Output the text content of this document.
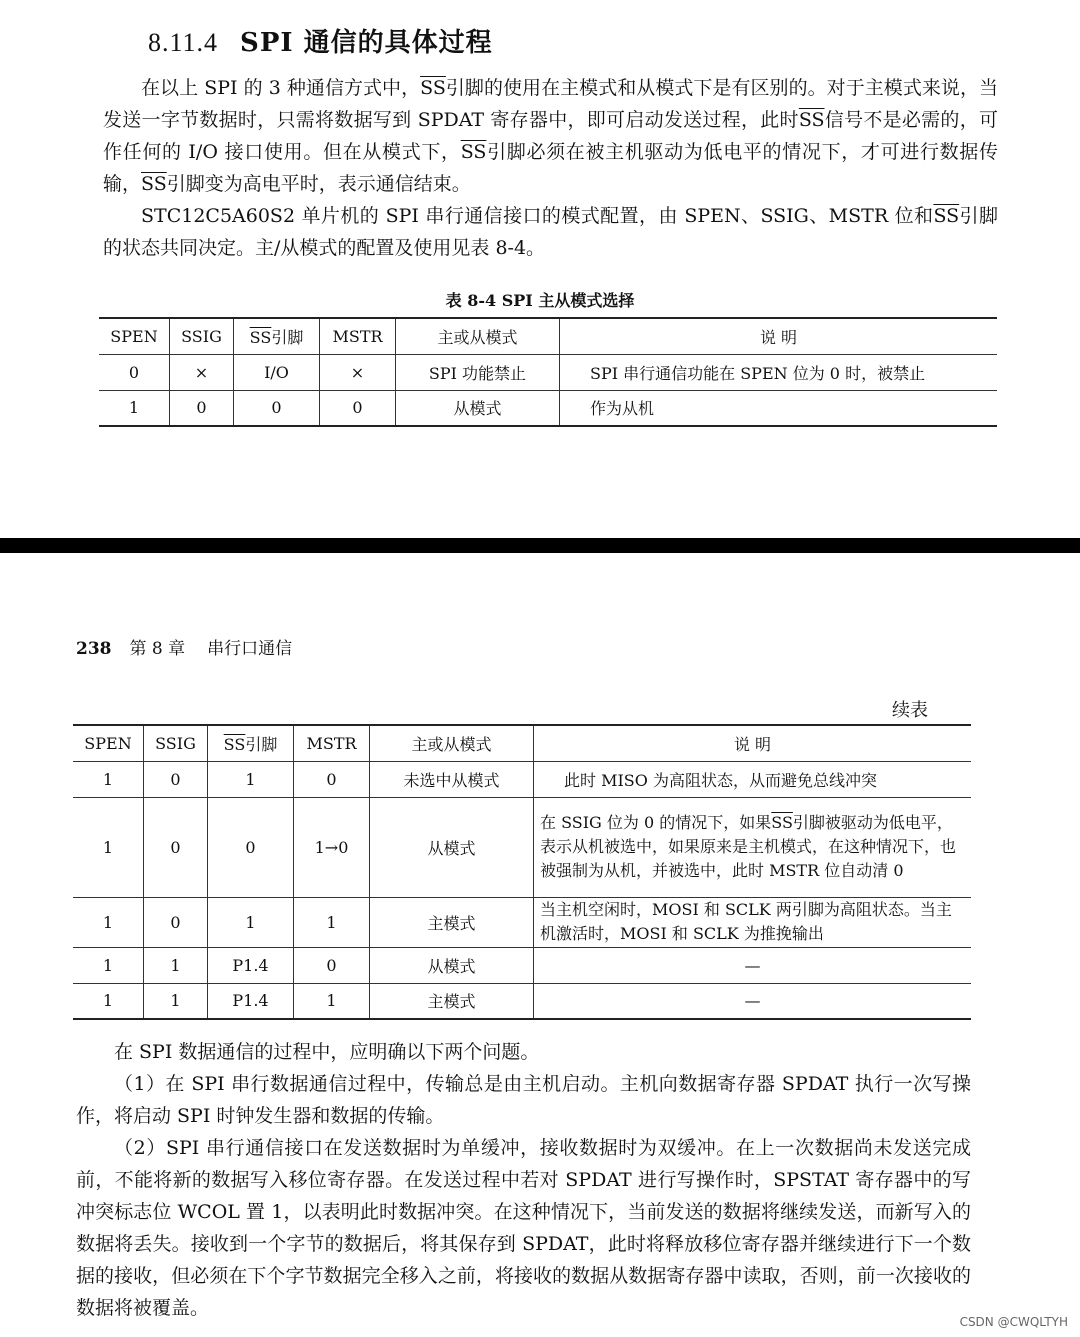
8.11.4 SPI 通信的具体过程
在以上 SPI 的 3 种通信方式中，$\overline{SS}$引脚的使用在主模式和从模式下是有区别的。对于主模式来说，当发送一字节数据时，只需将数据写到 SPDAT 寄存器中，即可启动发送过程，此时$\overline{SS}$信号不是必需的，可作任何的 I/O 接口使用。但在从模式下，$\overline{SS}$引脚必须在被主机驱动为低电平的情况下，才可进行数据传输，$\overline{SS}$引脚变为高电平时，表示通信结束。
STC12C5A60S2 单片机的 SPI 串行通信接口的模式配置，由 SPEN、SSIG、MSTR 位和$\overline{SS}$引脚的状态共同决定。主/从模式的配置及使用见表 8-4。
表 8-4 SPI 主从模式选择
SPEN	SSIG	$\overline{SS}$引脚	MSTR	主或从模式	说 明
0	×	I/O	×	SPI 功能禁止	SPI 串行通信功能在 SPEN 位为 0 时，被禁止
1	0	0	0	从模式	作为从机
238 第 8 章 串行口通信
续表
SPEN	SSIG	$\overline{SS}$引脚	MSTR	主或从模式	说 明
1	0	1	0	未选中从模式	此时 MISO 为高阻状态，从而避免总线冲突
1	0	0	1→0	从模式	在 SSIG 位为 0 的情况下，如果$\overline{SS}$引脚被驱动为低电平，表示从机被选中，如果原来是主机模式，在这种情况下，也被强制为从机，并被选中，此时 MSTR 位自动清 0
1	0	1	1	主模式	当主机空闲时，MOSI 和 SCLK 两引脚为高阻状态。当主机激活时，MOSI 和 SCLK 为推挽输出
1	1	P1.4	0	从模式	—
1	1	P1.4	1	主模式	—
在 SPI 数据通信的过程中，应明确以下两个问题。
（1）在 SPI 串行数据通信过程中，传输总是由主机启动。主机向数据寄存器 SPDAT 执行一次写操作，将启动 SPI 时钟发生器和数据的传输。
（2）SPI 串行通信接口在发送数据时为单缓冲，接收数据时为双缓冲。在上一次数据尚未发送完成前，不能将新的数据写入移位寄存器。在发送过程中若对 SPDAT 进行写操作时，SPSTAT 寄存器中的写冲突标志位 WCOL 置 1，以表明此时数据冲突。在这种情况下，当前发送的数据将继续发送，而新写入的数据将丢失。接收到一个字节的数据后，将其保存到 SPDAT，此时将释放移位寄存器并继续进行下一个数据的接收，但必须在下个字节数据完全移入之前，将接收的数据从数据寄存器中读取，否则，前一次接收的数据将被覆盖。
CSDN @CWQLTYH
